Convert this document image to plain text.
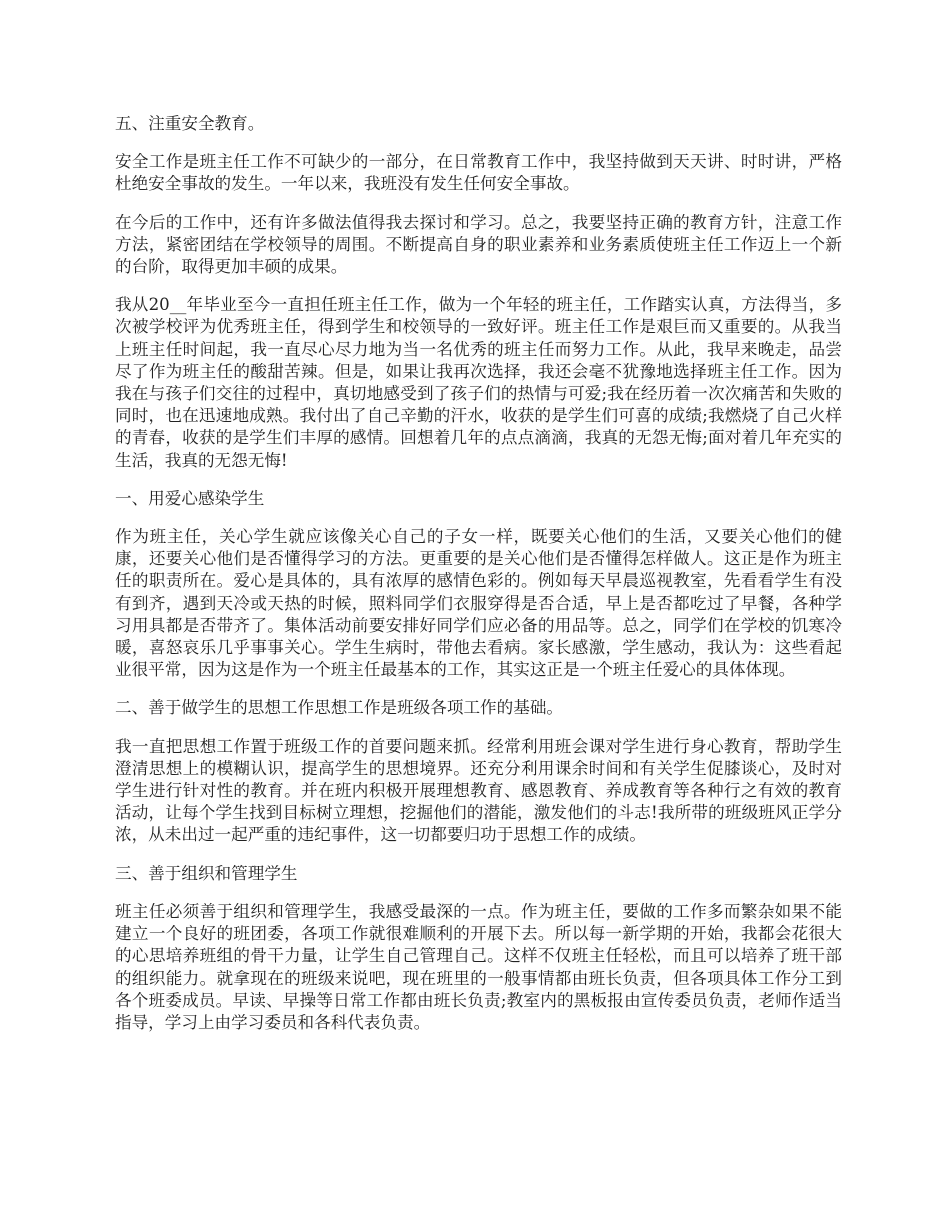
五、注重安全教育。
安全工作是班主任工作不可缺少的一部分，在日常教育工作中，我坚持做到天天讲、时时讲，严格杜绝安全事故的发生。一年以来，我班没有发生任何安全事故。
在今后的工作中，还有许多做法值得我去探讨和学习。总之，我要坚持正确的教育方针，注意工作方法，紧密团结在学校领导的周围。不断提高自身的职业素养和业务素质使班主任工作迈上一个新的台阶，取得更加丰硕的成果。
我从20__年毕业至今一直担任班主任工作，做为一个年轻的班主任，工作踏实认真，方法得当，多次被学校评为优秀班主任，得到学生和校领导的一致好评。班主任工作是艰巨而又重要的。从我当上班主任时间起，我一直尽心尽力地为当一名优秀的班主任而努力工作。从此，我早来晚走，品尝尽了作为班主任的酸甜苦辣。但是，如果让我再次选择，我还会毫不犹豫地选择班主任工作。因为我在与孩子们交往的过程中，真切地感受到了孩子们的热情与可爱;我在经历着一次次痛苦和失败的同时，也在迅速地成熟。我付出了自己辛勤的汗水，收获的是学生们可喜的成绩;我燃烧了自己火样的青春，收获的是学生们丰厚的感情。回想着几年的点点滴滴，我真的无怨无悔;面对着几年充实的生活，我真的无怨无悔!
一、用爱心感染学生
作为班主任，关心学生就应该像关心自己的子女一样，既要关心他们的生活，又要关心他们的健康，还要关心他们是否懂得学习的方法。更重要的是关心他们是否懂得怎样做人。这正是作为班主任的职责所在。爱心是具体的，具有浓厚的感情色彩的。例如每天早晨巡视教室，先看看学生有没有到齐，遇到天冷或天热的时候，照料同学们衣服穿得是否合适，早上是否都吃过了早餐，各种学习用具都是否带齐了。集体活动前要安排好同学们应必备的用品等。总之，同学们在学校的饥寒冷暖，喜怒哀乐几乎事事关心。学生生病时，带他去看病。家长感激，学生感动，我认为：这些看起业很平常，因为这是作为一个班主任最基本的工作，其实这正是一个班主任爱心的具体体现。
二、善于做学生的思想工作思想工作是班级各项工作的基础。
我一直把思想工作置于班级工作的首要问题来抓。经常利用班会课对学生进行身心教育，帮助学生澄清思想上的模糊认识，提高学生的思想境界。还充分利用课余时间和有关学生促膝谈心，及时对学生进行针对性的教育。并在班内积极开展理想教育、感恩教育、养成教育等各种行之有效的教育活动，让每个学生找到目标树立理想，挖掘他们的潜能，激发他们的斗志!我所带的班级班风正学分浓，从未出过一起严重的违纪事件，这一切都要归功于思想工作的成绩。
三、善于组织和管理学生
班主任必须善于组织和管理学生，我感受最深的一点。作为班主任，要做的工作多而繁杂如果不能建立一个良好的班团委，各项工作就很难顺利的开展下去。所以每一新学期的开始，我都会花很大的心思培养班组的骨干力量，让学生自己管理自己。这样不仅班主任轻松，而且可以培养了班干部的组织能力。就拿现在的班级来说吧，现在班里的一般事情都由班长负责，但各项具体工作分工到各个班委成员。早读、早操等日常工作都由班长负责;教室内的黑板报由宣传委员负责，老师作适当指导，学习上由学习委员和各科代表负责。
